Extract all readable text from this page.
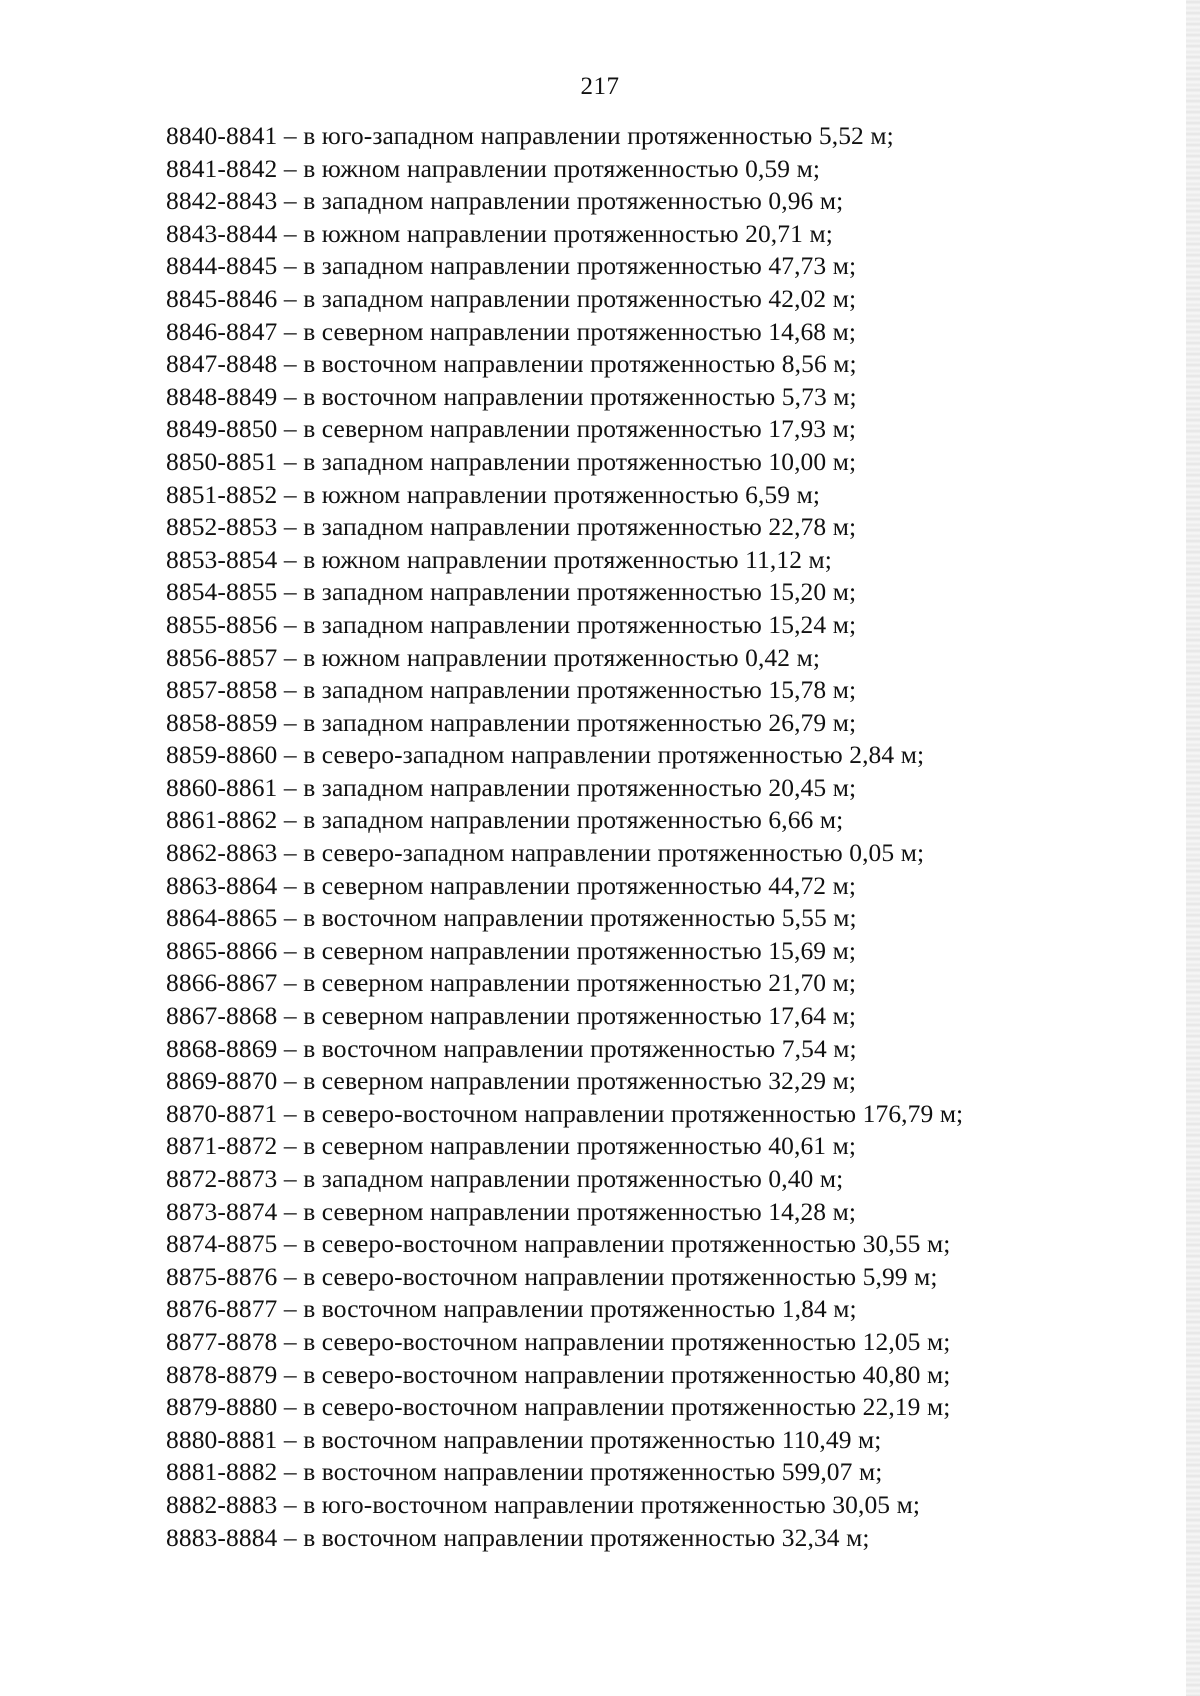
217
8840-8841 – в юго-западном направлении протяженностью 5,52 м;
8841-8842 – в южном направлении протяженностью 0,59 м;
8842-8843 – в западном направлении протяженностью 0,96 м;
8843-8844 – в южном направлении протяженностью 20,71 м;
8844-8845 – в западном направлении протяженностью 47,73 м;
8845-8846 – в западном направлении протяженностью 42,02 м;
8846-8847 – в северном направлении протяженностью 14,68 м;
8847-8848 – в восточном направлении протяженностью 8,56 м;
8848-8849 – в восточном направлении протяженностью 5,73 м;
8849-8850 – в северном направлении протяженностью 17,93 м;
8850-8851 – в западном направлении протяженностью 10,00 м;
8851-8852 – в южном направлении протяженностью 6,59 м;
8852-8853 – в западном направлении протяженностью 22,78 м;
8853-8854 – в южном направлении протяженностью 11,12 м;
8854-8855 – в западном направлении протяженностью 15,20 м;
8855-8856 – в западном направлении протяженностью 15,24 м;
8856-8857 – в южном направлении протяженностью 0,42 м;
8857-8858 – в западном направлении протяженностью 15,78 м;
8858-8859 – в западном направлении протяженностью 26,79 м;
8859-8860 – в северо-западном направлении протяженностью 2,84 м;
8860-8861 – в западном направлении протяженностью 20,45 м;
8861-8862 – в западном направлении протяженностью 6,66 м;
8862-8863 – в северо-западном направлении протяженностью 0,05 м;
8863-8864 – в северном направлении протяженностью 44,72 м;
8864-8865 – в восточном направлении протяженностью 5,55 м;
8865-8866 – в северном направлении протяженностью 15,69 м;
8866-8867 – в северном направлении протяженностью 21,70 м;
8867-8868 – в северном направлении протяженностью 17,64 м;
8868-8869 – в восточном направлении протяженностью 7,54 м;
8869-8870 – в северном направлении протяженностью 32,29 м;
8870-8871 – в северо-восточном направлении протяженностью 176,79 м;
8871-8872 – в северном направлении протяженностью 40,61 м;
8872-8873 – в западном направлении протяженностью 0,40 м;
8873-8874 – в северном направлении протяженностью 14,28 м;
8874-8875 – в северо-восточном направлении протяженностью 30,55 м;
8875-8876 – в северо-восточном направлении протяженностью 5,99 м;
8876-8877 – в восточном направлении протяженностью 1,84 м;
8877-8878 – в северо-восточном направлении протяженностью 12,05 м;
8878-8879 – в северо-восточном направлении протяженностью 40,80 м;
8879-8880 – в северо-восточном направлении протяженностью 22,19 м;
8880-8881 – в восточном направлении протяженностью 110,49 м;
8881-8882 – в восточном направлении протяженностью 599,07 м;
8882-8883 – в юго-восточном направлении протяженностью 30,05 м;
8883-8884 – в восточном направлении протяженностью 32,34 м;
